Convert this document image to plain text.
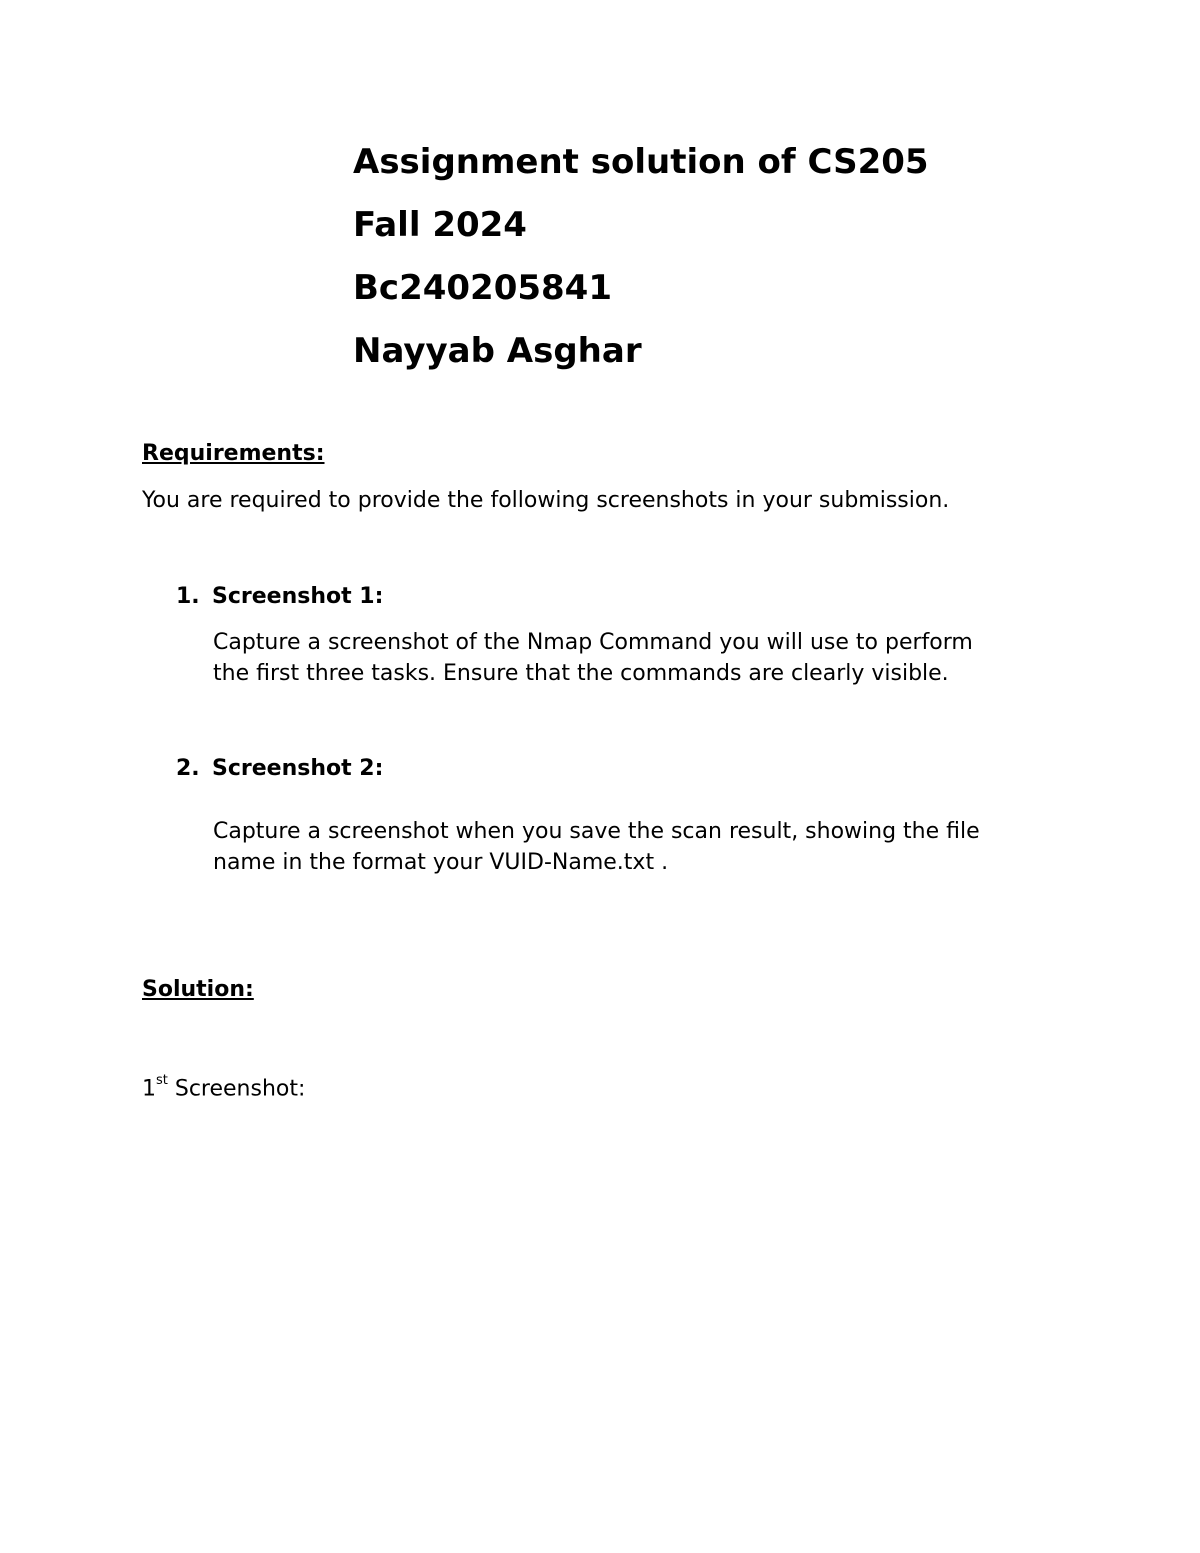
Assignment solution of CS205
Fall 2024
Bc240205841
Nayyab Asghar
Requirements:
You are required to provide the following screenshots in your submission.
1. Screenshot 1:

Capture a screenshot of the Nmap Command you will use to perform

the first three tasks. Ensure that the commands are clearly visible.

2. Screenshot 2:

Capture a screenshot when you save the scan result, showing the file

name in the format your VUID-Name.txt .

Solution:
1st Screenshot:
